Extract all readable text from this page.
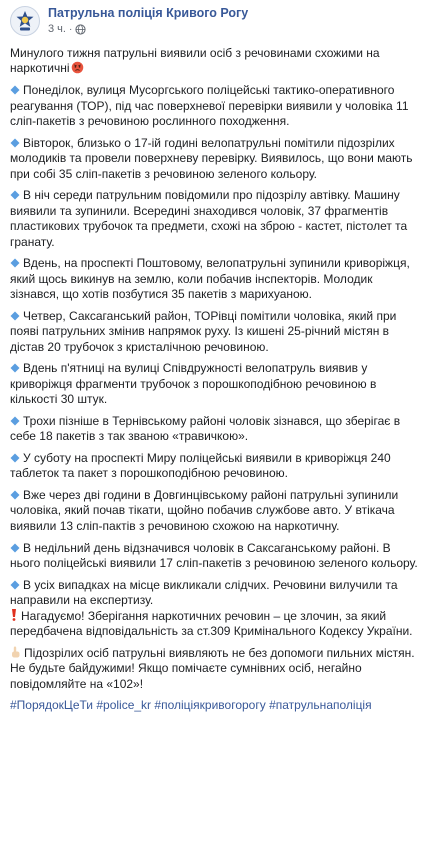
Патрульна поліція Кривого Рогу
3 ч. ·

Минулого тижня патрульні виявили осіб з речовинами схожими на наркотичні

Понеділок, вулиця Мусоргського поліцейські тактико-оперативного реагування (ТОР), під час поверхневої перевірки виявили у чоловіка 11 сліп-пакетів з речовиною рослинного походження.

Вівторок, близько о 17-ій годині велопатрульні помітили підозрілих молодиків та провели поверхневу перевірку. Виявилось, що вони мають при собі 35 сліп-пакетів з речовиною зеленого кольору.

В ніч середи патрульним повідомили про підозрілу автівку. Машину виявили та зупинили. Всередині знаходився чоловік, 37 фрагментів пластикових трубочок та предмети, схожі на зброю - кастет, пістолет та гранату.

Вдень, на проспекті Поштовому, велопатрульні зупинили криворіжця, який щось викинув на землю, коли побачив інспекторів. Молодик зізнався, що хотів позбутися 35 пакетів з марихуаною.

Четвер, Саксаганський район, ТОРівці помітили чоловіка, який при появі патрульних змінив напрямок руху. Із кишені 25-річний містян в дістав 20 трубочок з кристалічною речовиною.

Вдень п'ятниці на вулиці Співдружності велопатруль виявив у криворіжця фрагменти трубочок з порошкоподібною речовиною в кількості 30 штук.

Трохи пізніше в Тернівському районі чоловік зізнався, що зберігає в себе 18 пакетів з так званою «травичкою».

У суботу на проспекті Миру поліцейські виявили в криворіжця 240 таблеток та пакет з порошкоподібною речовиною.

Вже через дві години в Довгинцівському районі патрульні зупинили чоловіка, який почав тікати, щойно побачив службове авто. У втікача виявили 13 сліп-пактів з речовиною схожою на наркотичну.

В недільний день відзначився чоловік в Саксаганському районі. В нього поліцейські виявили 17 сліп-пакетів з речовиною зеленого кольору.

В усіх випадках на місце викликали слідчих. Речовини вилучили та направили на експертизу.

Нагадуємо! Зберігання наркотичних речовин – це злочин, за який передбачена відповідальність за ст.309 Кримінального Кодексу України.

Підозрілих осіб патрульні виявляють не без допомоги пильних містян.
Не будьте байдужими! Якщо помічаєте сумнівних осіб, негайно повідомляйте на «102»!

#ПорядокЦеТи #police_kr #поліціякривогорогу #патрульнаполіція
